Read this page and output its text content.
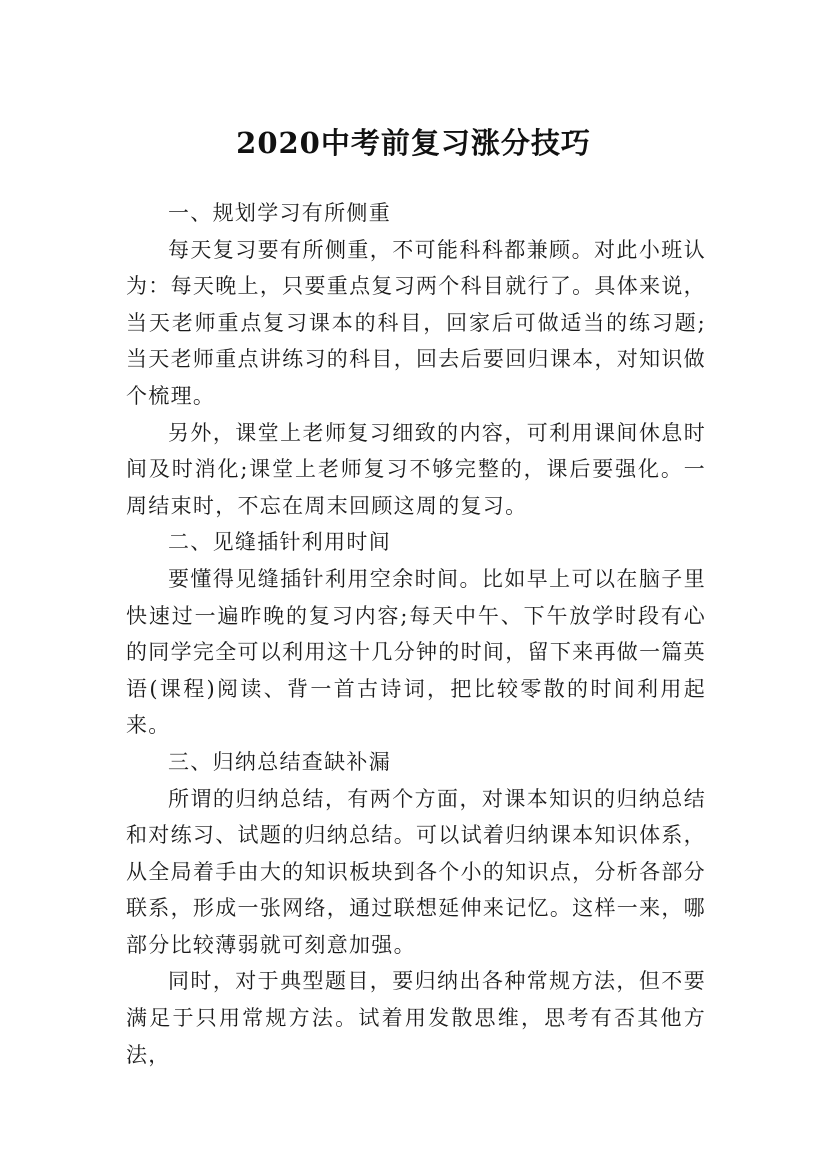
2020中考前复习涨分技巧

一、规划学习有所侧重

每天复习要有所侧重，不可能科科都兼顾。对此小班认为：每天晚上，只要重点复习两个科目就行了。具体来说，当天老师重点复习课本的科目，回家后可做适当的练习题;当天老师重点讲练习的科目，回去后要回归课本，对知识做个梳理。

另外，课堂上老师复习细致的内容，可利用课间休息时间及时消化;课堂上老师复习不够完整的，课后要强化。一周结束时，不忘在周末回顾这周的复习。

二、见缝插针利用时间

要懂得见缝插针利用空余时间。比如早上可以在脑子里快速过一遍昨晚的复习内容;每天中午、下午放学时段有心的同学完全可以利用这十几分钟的时间，留下来再做一篇英语(课程)阅读、背一首古诗词，把比较零散的时间利用起来。

三、归纳总结查缺补漏

所谓的归纳总结，有两个方面，对课本知识的归纳总结和对练习、试题的归纳总结。可以试着归纳课本知识体系，从全局着手由大的知识板块到各个小的知识点，分析各部分联系，形成一张网络，通过联想延伸来记忆。这样一来，哪部分比较薄弱就可刻意加强。

同时，对于典型题目，要归纳出各种常规方法，但不要满足于只用常规方法。试着用发散思维，思考有否其他方法，
